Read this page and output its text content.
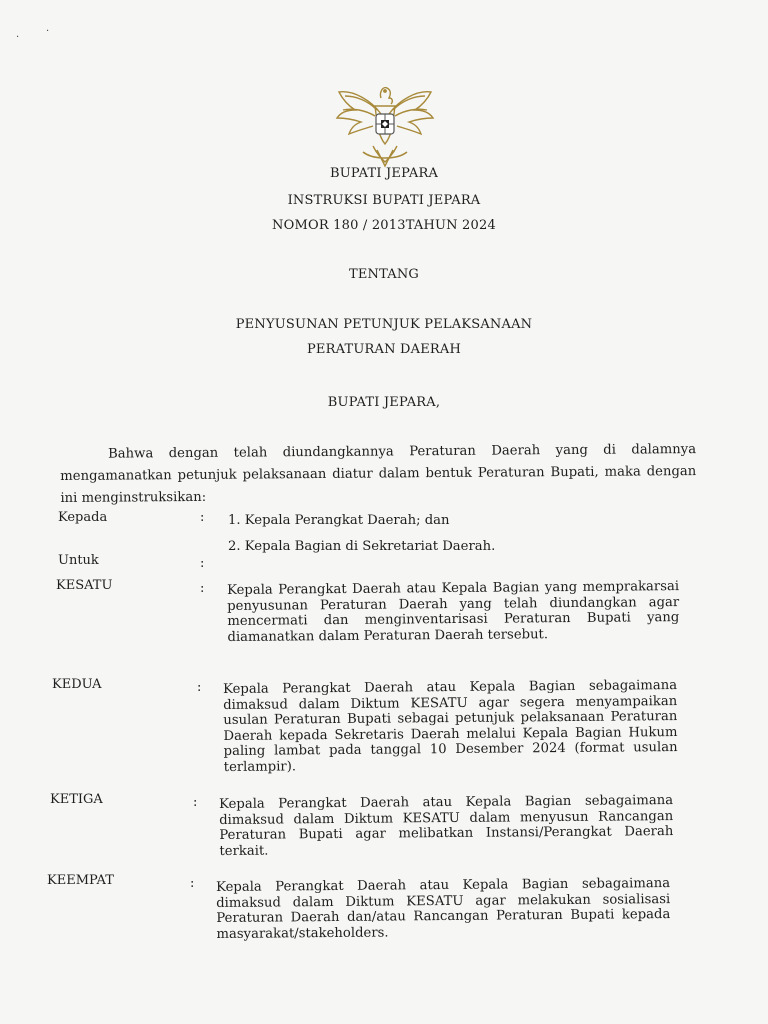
·
·
BUPATI JEPARA
INSTRUKSI BUPATI JEPARA
NOMOR 180 / 2013TAHUN 2024
TENTANG
PENYUSUNAN PETUNJUK PELAKSANAAN
PERATURAN DAERAH
BUPATI JEPARA,
Bahwa dengan telah diundangkannya Peraturan Daerah yang di dalamnya mengamanatkan petunjuk pelaksanaan diatur dalam bentuk Peraturan Bupati, maka dengan ini menginstruksikan:
Kepada	: 1. Kepala Perangkat Daerah; dan
2. Kepala Bagian di Sekretariat Daerah.
Untuk	:
KESATU	: Kepala Perangkat Daerah atau Kepala Bagian yang memprakarsai penyusunan Peraturan Daerah yang telah diundangkan agar mencermati dan menginventarisasi Peraturan Bupati yang diamanatkan dalam Peraturan Daerah tersebut.
KEDUA	: Kepala Perangkat Daerah atau Kepala Bagian sebagaimana dimaksud dalam Diktum KESATU agar segera menyampaikan usulan Peraturan Bupati sebagai petunjuk pelaksanaan Peraturan Daerah kepada Sekretaris Daerah melalui Kepala Bagian Hukum paling lambat pada tanggal 10 Desember 2024 (format usulan terlampir).
KETIGA	: Kepala Perangkat Daerah atau Kepala Bagian sebagaimana dimaksud dalam Diktum KESATU dalam menyusun Rancangan Peraturan Bupati agar melibatkan Instansi/Perangkat Daerah terkait.
KEEMPAT	: Kepala Perangkat Daerah atau Kepala Bagian sebagaimana dimaksud dalam Diktum KESATU agar melakukan sosialisasi Peraturan Daerah dan/atau Rancangan Peraturan Bupati kepada masyarakat/stakeholders.
